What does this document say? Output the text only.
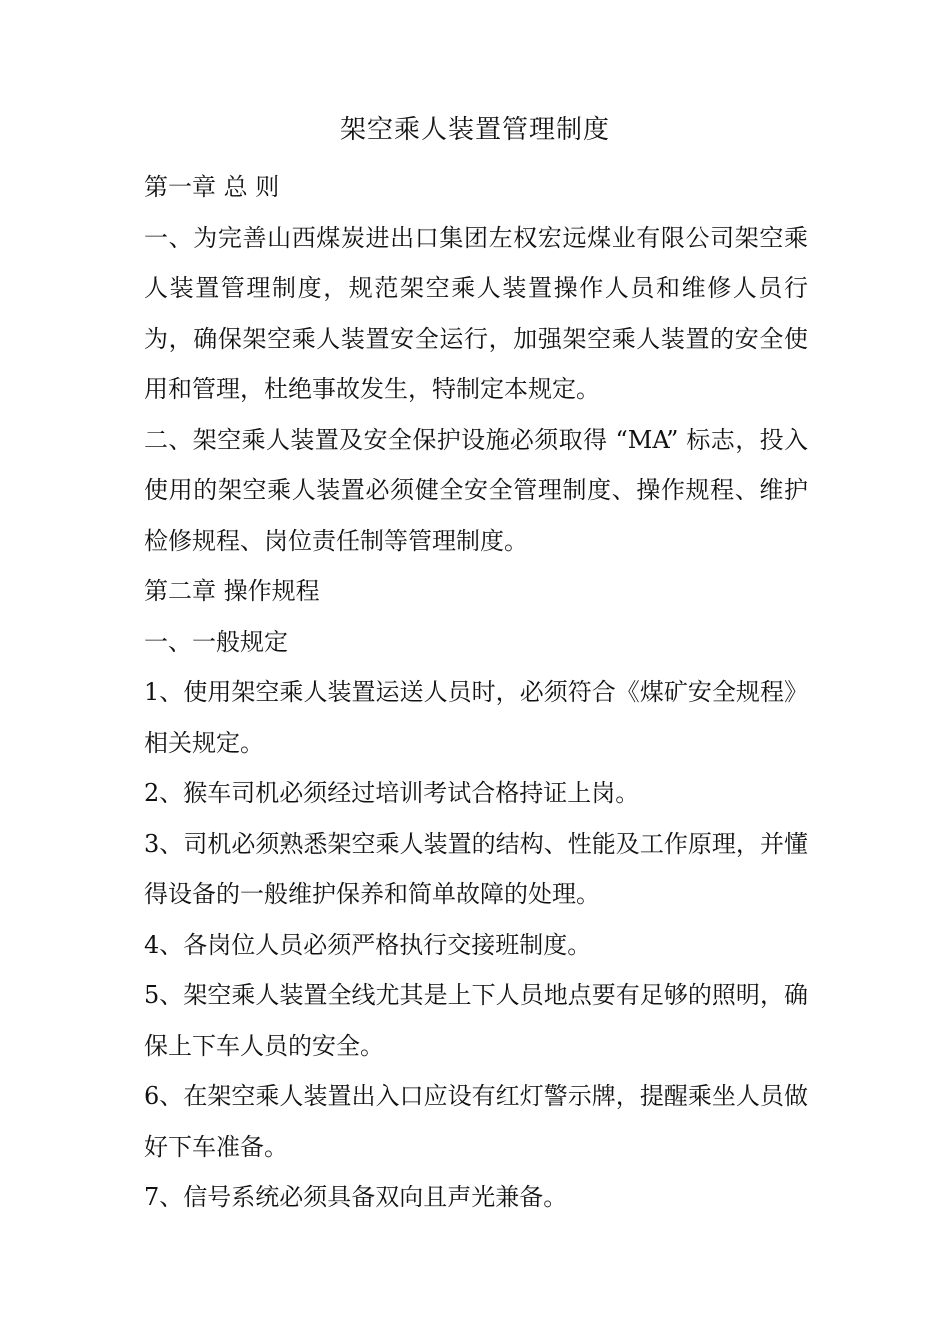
架空乘人装置管理制度

第一章 总 则

一、为完善山西煤炭进出口集团左权宏远煤业有限公司架空乘人装置管理制度，规范架空乘人装置操作人员和维修人员行为，确保架空乘人装置安全运行，加强架空乘人装置的安全使用和管理，杜绝事故发生，特制定本规定。

二、架空乘人装置及安全保护设施必须取得 “MA” 标志，投入使用的架空乘人装置必须健全安全管理制度、操作规程、维护检修规程、岗位责任制等管理制度。

第二章 操作规程

一、一般规定

1、使用架空乘人装置运送人员时，必须符合《煤矿安全规程》相关规定。

2、猴车司机必须经过培训考试合格持证上岗。

3、司机必须熟悉架空乘人装置的结构、性能及工作原理，并懂得设备的一般维护保养和简单故障的处理。

4、各岗位人员必须严格执行交接班制度。

5、架空乘人装置全线尤其是上下人员地点要有足够的照明，确保上下车人员的安全。

6、在架空乘人装置出入口应设有红灯警示牌，提醒乘坐人员做好下车准备。

7、信号系统必须具备双向且声光兼备。
